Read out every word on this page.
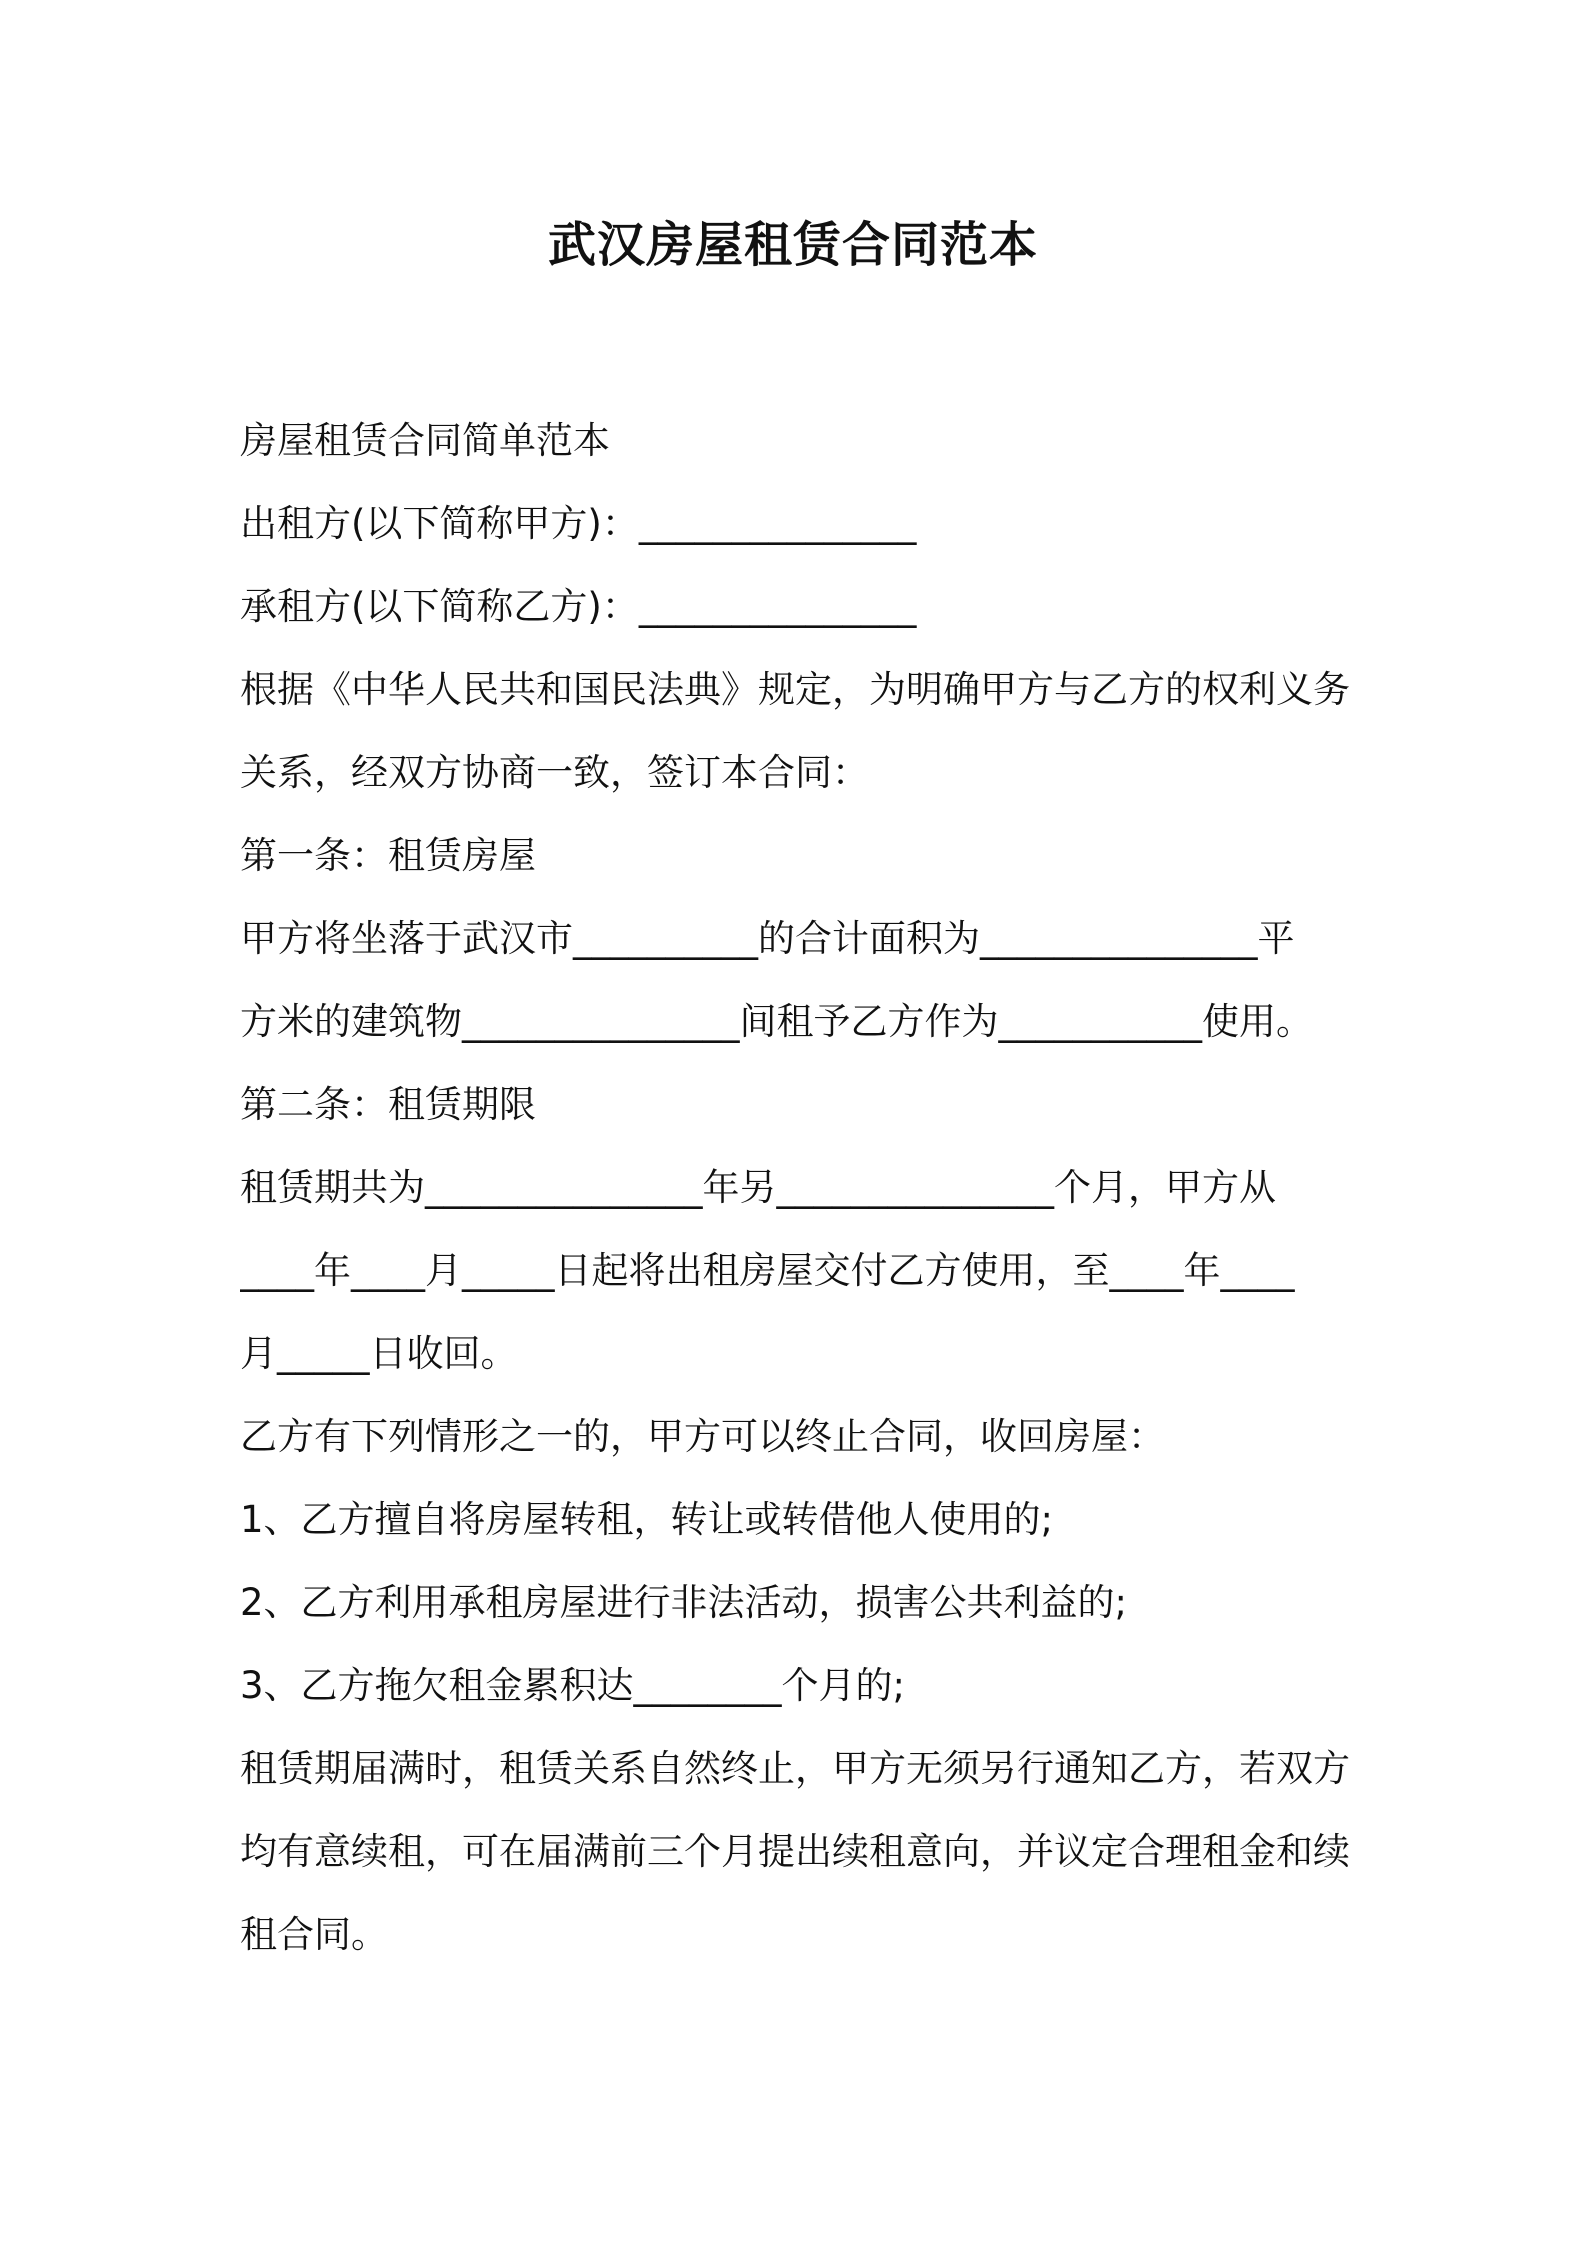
武汉房屋租赁合同范本

房屋租赁合同简单范本

出租方(以下简称甲方)：_______________

承租方(以下简称乙方)：_______________

根据《中华人民共和国民法典》规定，为明确甲方与乙方的权利义务

关系，经双方协商一致，签订本合同：

第一条：租赁房屋

甲方将坐落于武汉市__________的合计面积为_______________平

方米的建筑物_______________间租予乙方作为___________使用。

第二条：租赁期限

租赁期共为_______________年另_______________个月，甲方从

____年____月_____日起将出租房屋交付乙方使用，至____年____

月_____日收回。

乙方有下列情形之一的，甲方可以终止合同，收回房屋：

1、乙方擅自将房屋转租，转让或转借他人使用的;

2、乙方利用承租房屋进行非法活动，损害公共利益的;

3、乙方拖欠租金累积达________个月的;

租赁期届满时，租赁关系自然终止，甲方无须另行通知乙方，若双方

均有意续租，可在届满前三个月提出续租意向，并议定合理租金和续

租合同。
